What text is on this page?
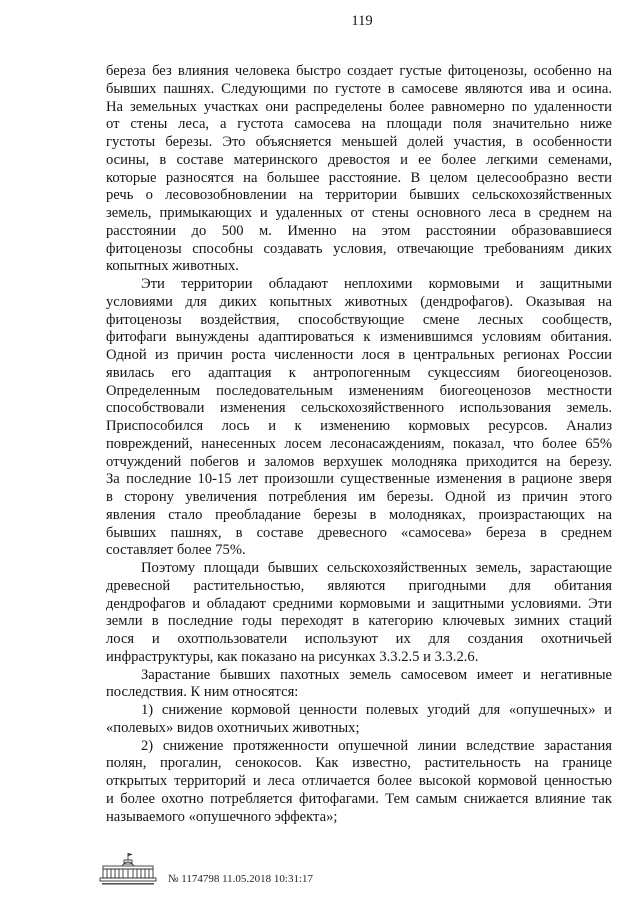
119
береза без влияния человека быстро создает густые фитоценозы, особенно на
бывших пашнях. Следующими по густоте в самосеве являются ива и осина.
На земельных участках они распределены более равномерно по удаленности
от стены леса, а густота самосева на площади поля значительно ниже
густоты березы. Это объясняется меньшей долей участия, в особенности
осины, в составе материнского древостоя и ее более легкими семенами,
которые разносятся на большее расстояние. В целом целесообразно вести
речь о лесовозобновлении на территории бывших сельскохозяйственных
земель, примыкающих и удаленных от стены основного леса в среднем на
расстоянии до 500 м. Именно на этом расстоянии образовавшиеся
фитоценозы способны создавать условия, отвечающие требованиям диких
копытных животных.
Эти территории обладают неплохими кормовыми и защитными
условиями для диких копытных животных (дендрофагов). Оказывая на
фитоценозы воздействия, способствующие смене лесных сообществ,
фитофаги вынуждены адаптироваться к изменившимся условиям обитания.
Одной из причин роста численности лося в центральных регионах России
явилась его адаптация к антропогенным сукцессиям биогеоценозов.
Определенным последовательным изменениям биогеоценозов местности
способствовали изменения сельскохозяйственного использования земель.
Приспособился лось и к изменению кормовых ресурсов. Анализ
повреждений, нанесенных лосем лесонасаждениям, показал, что более 65%
отчуждений побегов и заломов верхушек молодняка приходится на березу.
За последние 10-15 лет произошли существенные изменения в рационе зверя
в сторону увеличения потребления им березы. Одной из причин этого
явления стало преобладание березы в молодняках, произрастающих на
бывших пашнях, в составе древесного «самосева» береза в среднем
составляет более 75%.
Поэтому площади бывших сельскохозяйственных земель, зарастающие
древесной растительностью, являются пригодными для обитания
дендрофагов и обладают средними кормовыми и защитными условиями. Эти
земли в последние годы переходят в категорию ключевых зимних стаций
лося и охотпользователи используют их для создания охотничьей
инфраструктуры, как показано на рисунках 3.3.2.5 и 3.3.2.6.
Зарастание бывших пахотных земель самосевом имеет и негативные
последствия. К ним относятся:
1) снижение кормовой ценности полевых угодий для «опушечных» и
«полевых» видов охотничьих животных;
2) снижение протяженности опушечной линии вследствие зарастания
полян, прогалин, сенокосов. Как известно, растительность на границе
открытых территорий и леса отличается более высокой кормовой ценностью
и более охотно потребляется фитофагами. Тем самым снижается влияние так
называемого «опушечного эффекта»;
№ 1174798 11.05.2018 10:31:17
